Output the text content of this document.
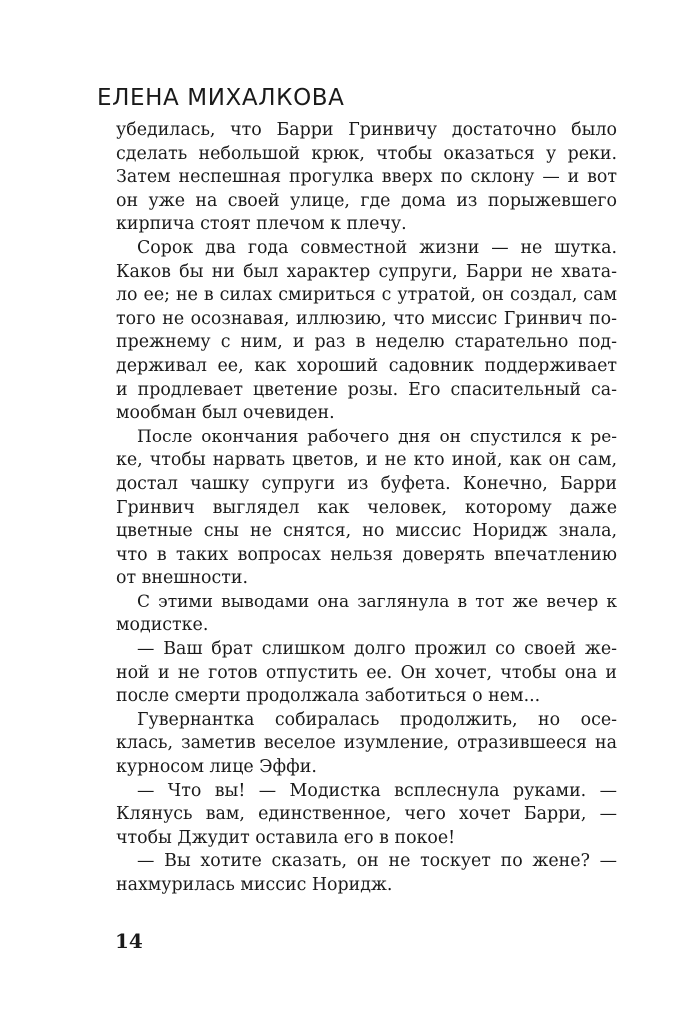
ЕЛЕНА МИХАЛКОВА
убедилась, что Барри Гринвичу достаточно было
сделать небольшой крюк, чтобы оказаться у реки.
Затем неспешная прогулка вверх по склону — и вот
он уже на своей улице, где дома из порыжевшего
кирпича стоят плечом к плечу.
Сорок два года совместной жизни — не шутка.
Каков бы ни был характер супруги, Барри не хвата-
ло ее; не в силах смириться с утратой, он создал, сам
того не осознавая, иллюзию, что миссис Гринвич по-
прежнему с ним, и раз в неделю старательно под-
держивал ее, как хороший садовник поддерживает
и продлевает цветение розы. Его спасительный са-
мообман был очевиден.
После окончания рабочего дня он спустился к ре-
ке, чтобы нарвать цветов, и не кто иной, как он сам,
достал чашку супруги из буфета. Конечно, Барри
Гринвич выглядел как человек, которому даже
цветные сны не снятся, но миссис Норидж знала,
что в таких вопросах нельзя доверять впечатлению
от внешности.
С этими выводами она заглянула в тот же вечер к
модистке.
— Ваш брат слишком долго прожил со своей же-
ной и не готов отпустить ее. Он хочет, чтобы она и
после смерти продолжала заботиться о нем...
Гувернантка собиралась продолжить, но осе-
клась, заметив веселое изумление, отразившееся на
курносом лице Эффи.
— Что вы! — Модистка всплеснула руками. —
Клянусь вам, единственное, чего хочет Барри, —
чтобы Джудит оставила его в покое!
— Вы хотите сказать, он не тоскует по жене? —
нахмурилась миссис Норидж.
14
